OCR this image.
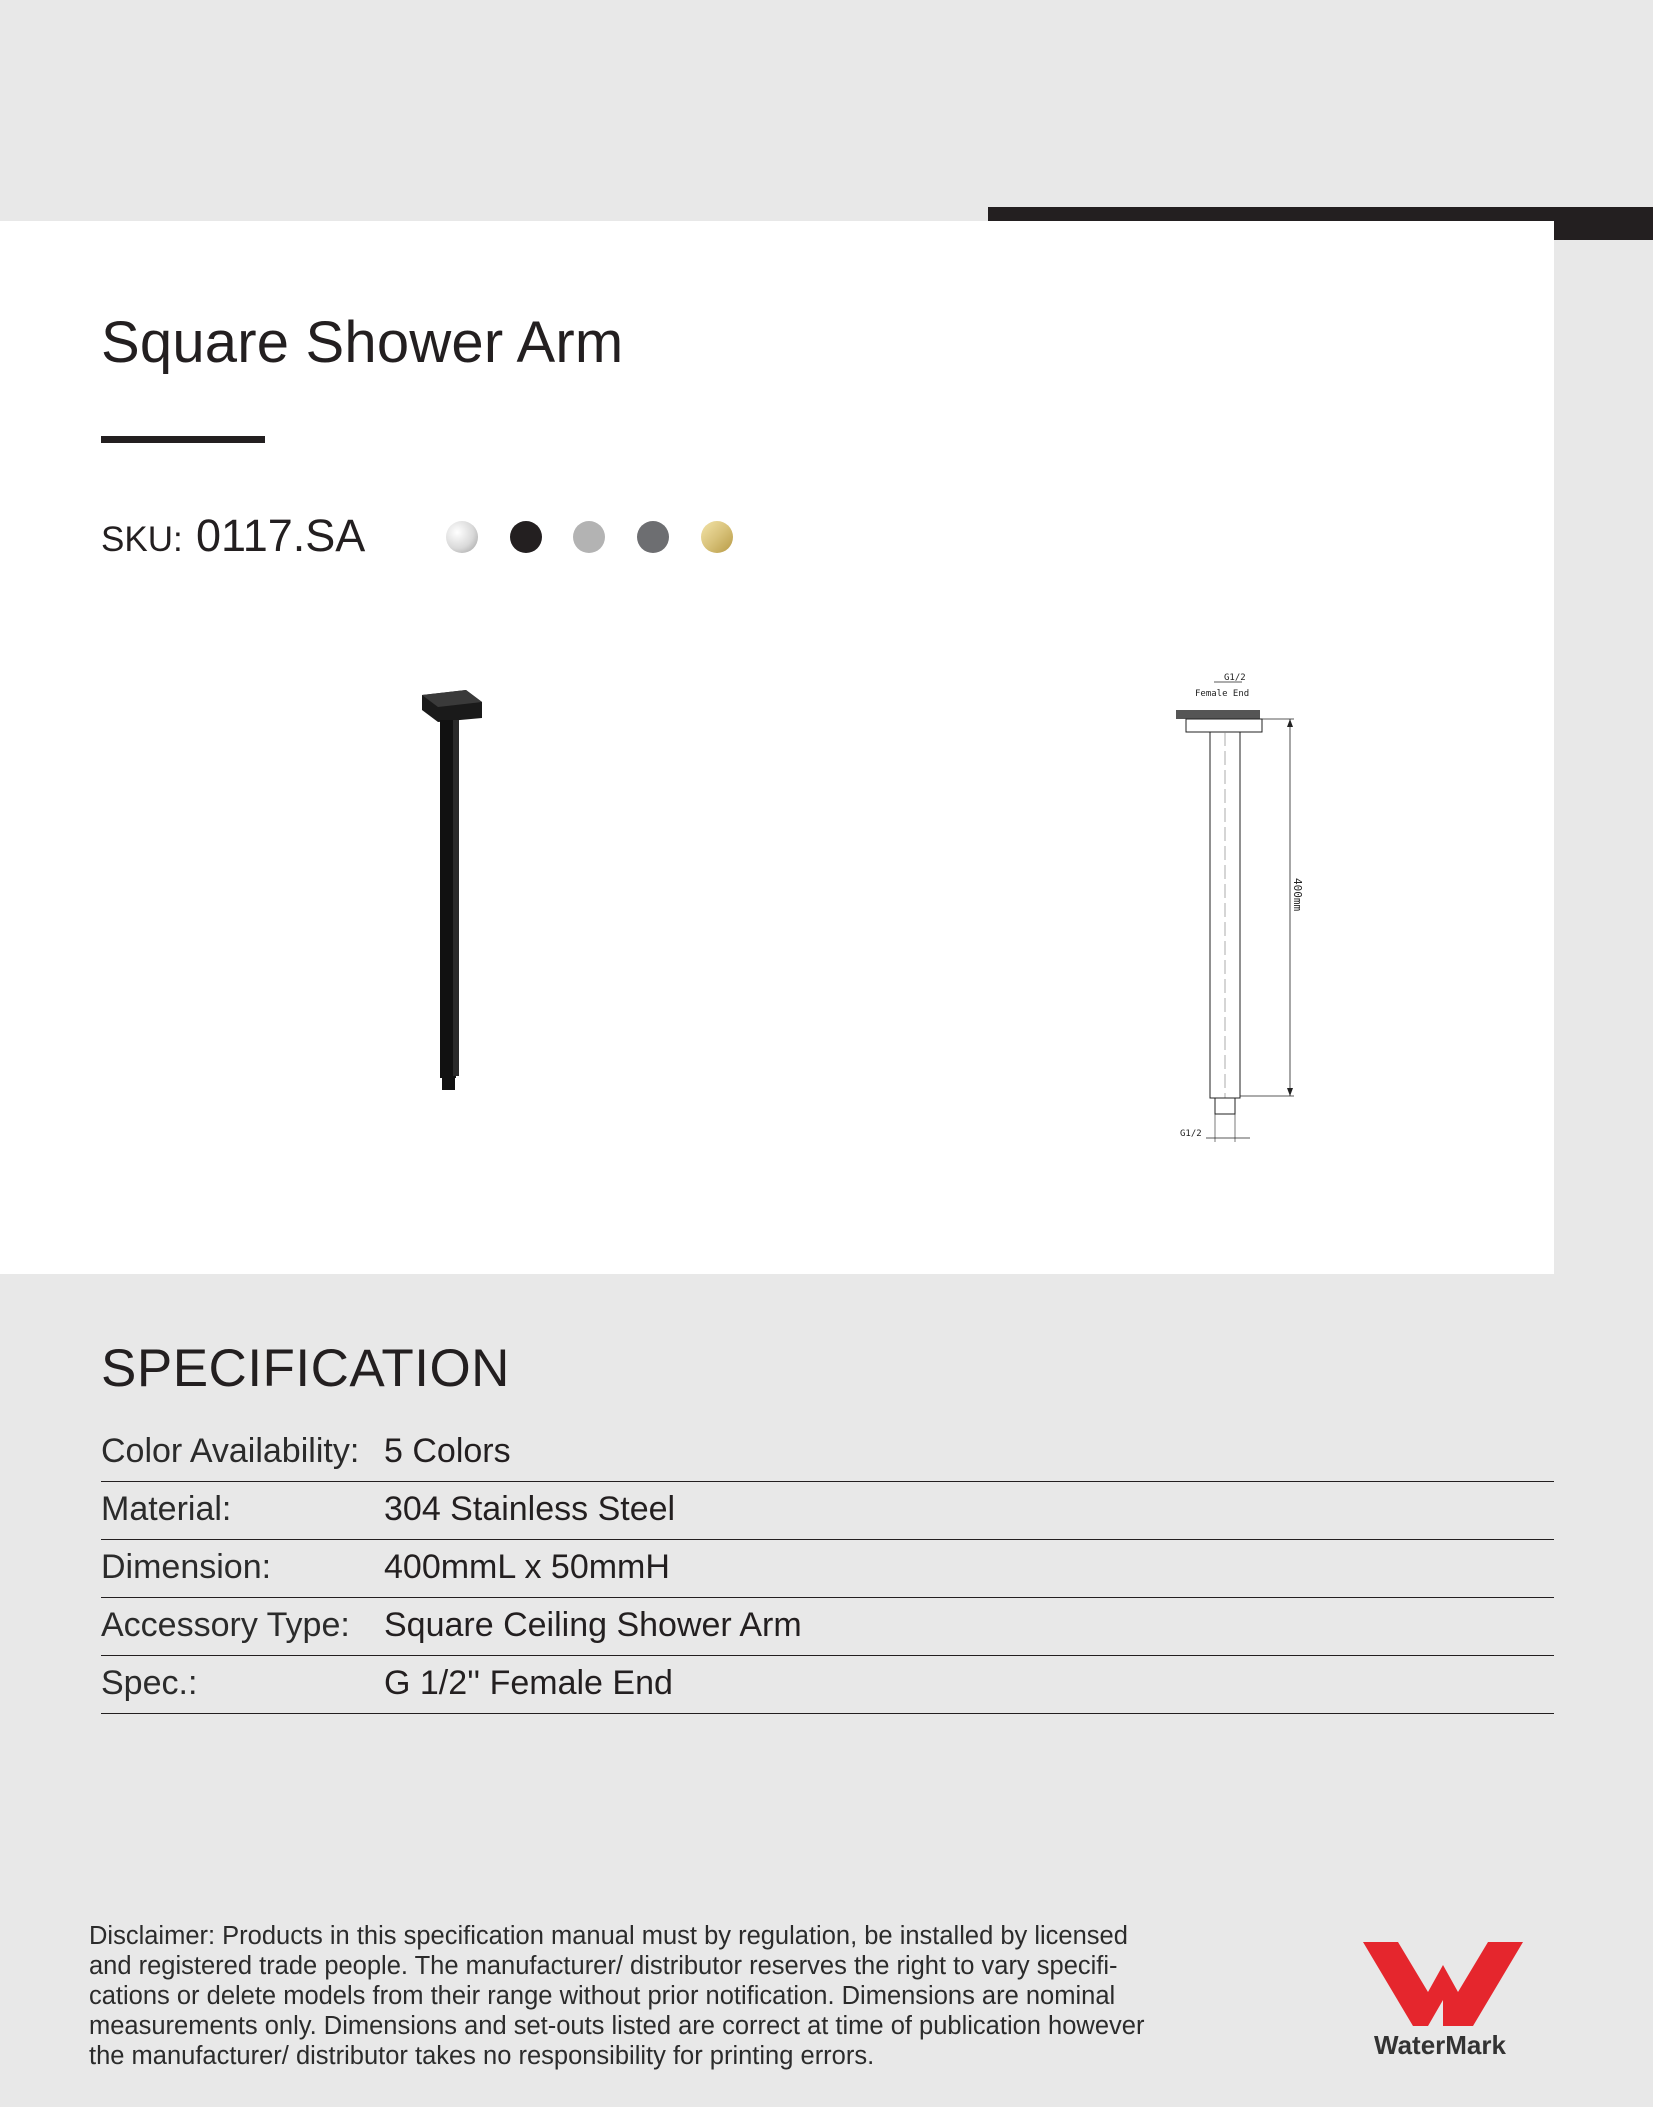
Square Shower Arm
SKU: 0117.SA
G1/2
Female End
400mm
G1/2
SPECIFICATION
Color Availability: 5 Colors
Material:	304 Stainless Steel
Dimension:	400mmL x 50mmH
Accessory Type: Square Ceiling Shower Arm
Spec.:	G 1/2'' Female End
Disclaimer: Products in this specification manual must by regulation, be installed by licensed
and registered trade people. The manufacturer/ distributor reserves the right to vary specifi-
cations or delete models from their range without prior notification. Dimensions are nominal
measurements only. Dimensions and set-outs listed are correct at time of publication however
the manufacturer/ distributor takes no responsibility for printing errors.	WaterMark
